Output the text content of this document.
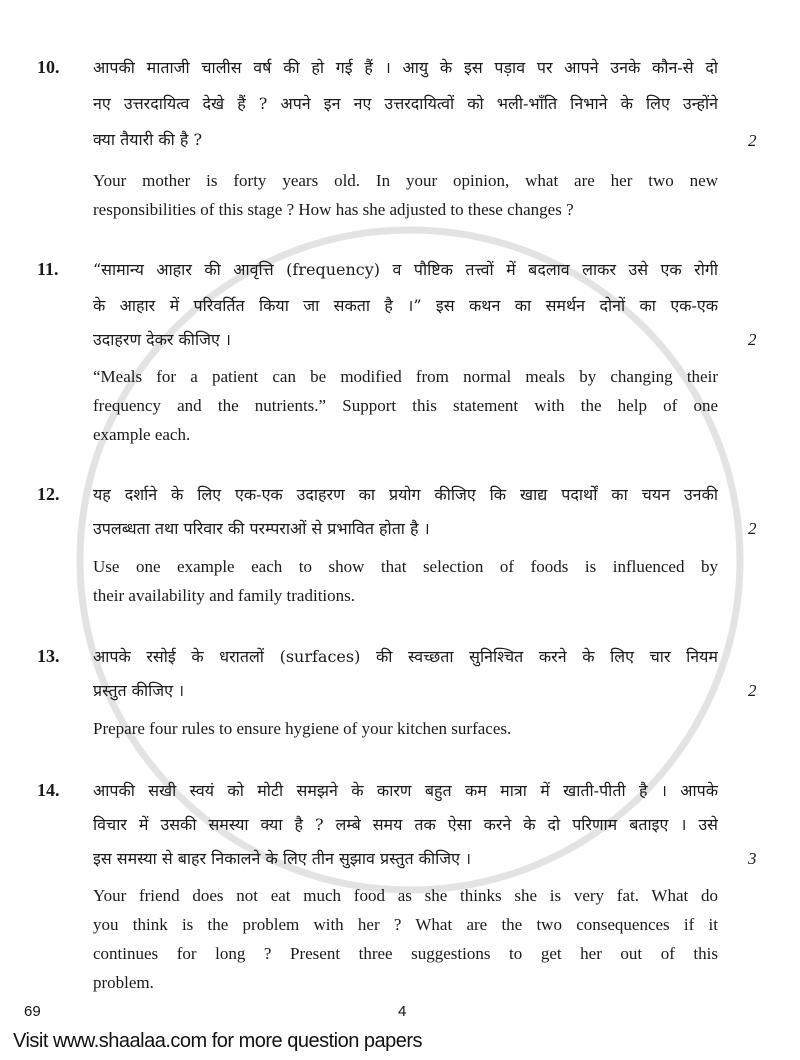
10. आपकी माताजी चालीस वर्ष की हो गई हैं । आयु के इस पड़ाव पर आपने उनके कौन-से दो
नए उत्तरदायित्व देखे हैं ? अपने इन नए उत्तरदायित्वों को भली-भाँति निभाने के लिए उन्होंने
क्या तैयारी की है ?	2
Your mother is forty years old. In your opinion, what are her two new
responsibilities of this stage ? How has she adjusted to these changes ?
11. “सामान्य आहार की आवृत्ति (frequency) व पौष्टिक तत्त्वों में बदलाव लाकर उसे एक रोगी
के आहार में परिवर्तित किया जा सकता है ।” इस कथन का समर्थन दोनों का एक-एक
उदाहरण देकर कीजिए ।	2
“Meals for a patient can be modified from normal meals by changing their
frequency and the nutrients.” Support this statement with the help of one
example each.
12. यह दर्शाने के लिए एक-एक उदाहरण का प्रयोग कीजिए कि खाद्य पदार्थों का चयन उनकी
उपलब्धता तथा परिवार की परम्पराओं से प्रभावित होता है ।	2
Use one example each to show that selection of foods is influenced by
their availability and family traditions.
13. आपके रसोई के धरातलों (surfaces) की स्वच्छता सुनिश्चित करने के लिए चार नियम
प्रस्तुत कीजिए ।	2
Prepare four rules to ensure hygiene of your kitchen surfaces.
14. आपकी सखी स्वयं को मोटी समझने के कारण बहुत कम मात्रा में खाती-पीती है । आपके
विचार में उसकी समस्या क्या है ? लम्बे समय तक ऐसा करने के दो परिणाम बताइए । उसे
इस समस्या से बाहर निकालने के लिए तीन सुझाव प्रस्तुत कीजिए ।	3
Your friend does not eat much food as she thinks she is very fat. What do
you think is the problem with her ? What are the two consequences if it
continues for long ? Present three suggestions to get her out of this
problem.
69	4
Visit www.shaalaa.com for more question papers
